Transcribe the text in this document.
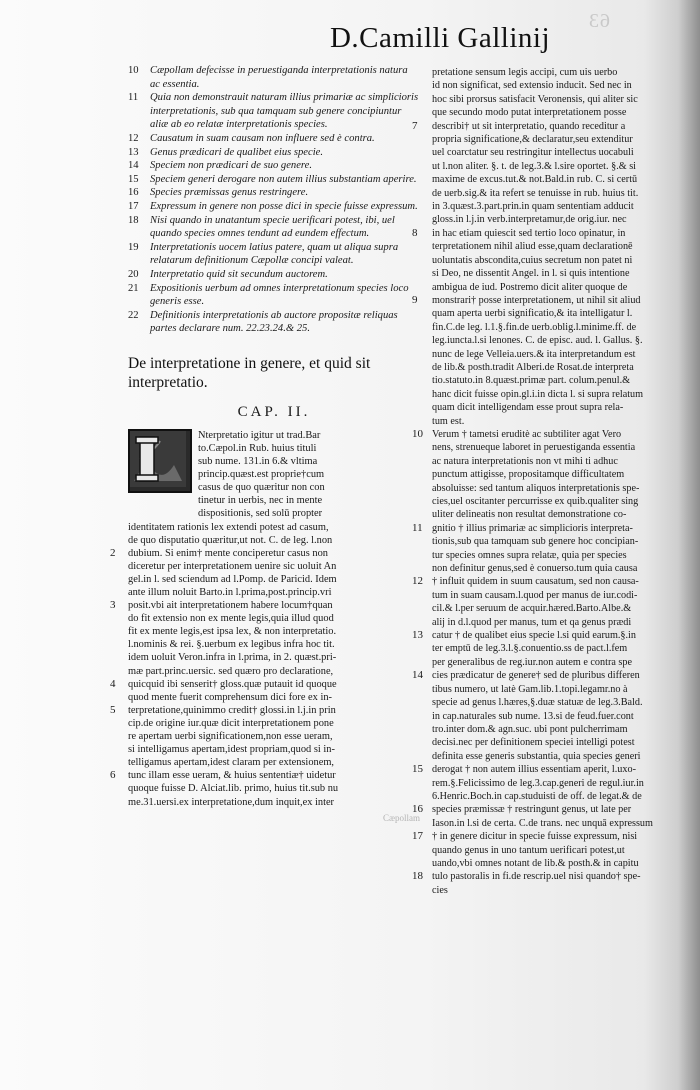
63
D.Camilli Gallinij
10	Cæpollam defecisse in peruestiganda interpretationis natura ac essentia.
11	Quia non demonstrauit naturam illius primariæ ac simplicioris interpretationis, sub qua tamquam sub genere concipiuntur aliæ ab eo relatæ interpretationis species.
12	Causatum in suam causam non influere sed è contra.
13	Genus prædicari de qualibet eius specie.
14	Speciem non prædicari de suo genere.
15	Speciem generi derogare non autem illius substantiam aperire.
16	Species præmissas genus restringere.
17	Expressum in genere non posse dici in specie fuisse expressum.
18	Nisi quando in unatantum specie uerificari potest, ibi, uel quando species omnes tendunt ad eundem effectum.
19	Interpretationis uocem latius patere, quam ut aliqua supra relatarum definitionum Cæpollæ concipi valeat.
20	Interpretatio quid sit secundum auctorem.
21	Expositionis uerbum ad omnes interpretationum species loco generis esse.
22	Definitionis interpretationis ab auctore propositæ reliquas partes declarare num. 22.23.24.& 25.
De interpretatione in genere, et quid sit interpretatio.
CAP. II.

Nterpretatio igitur ut trad.Bar

to.Cæpol.in Rub. huius tituli

sub nume. 131.in 6.& vltima

princip.quæst.est proprie†cum

casus de quo quæritur non con

tinetur in uerbis, nec in mente

dispositionis, sed solū propter

identitatem rationis lex extendi potest ad casum,

de quo disputatio quæritur,ut not. C. de leg. l.non

2 dubium. Si enim† mente conciperetur casus non

diceretur per interpretationem uenire sic uoluit An

gel.in l. sed sciendum ad l.Pomp. de Paricid. Idem

ante illum noluit Barto.in l.prima,post.princip.vri

3 posit.vbi ait interpretationem habere locum†quan

do fit extensio non ex mente legis,quia illud quod

fit ex mente legis,est ipsa lex, & non interpretatio.

l.nominis & rei. §.uerbum ex legibus infra hoc tit.

idem uoluit Veron.infra in l.prima, in 2. quæst.pri-

mæ part.princ.uersic. sed quæro pro declaratione,

4 quicquid ibi senserit† gloss.quæ putauit id quoque

quod mente fuerit comprehensum dici fore ex in-

5 terpretatione,quinimmo credit† glossi.in l.j.in prin

cip.de origine iur.quæ dicit interpretationem pone

re apertam uerbi significationem,non esse ueram,

si intelligamus apertam,idest propriam,quod si in-

telligamus apertam,idest claram per extensionem,

6 tunc illam esse ueram, & huius sententiæ† uidetur

quoque fuisse D. Alciat.lib. primo, huius tit.sub nu

me.31.uersi.ex interpretatione,dum inquit,ex inter

Cæpollam
pretatione sensum legis accipi, cum uis uerbo
id non significat, sed extensio inducit. Sed nec in
hoc sibi prorsus satisfacit Veronensis, qui aliter sic
que secundo modo putat interpretationem posse
7 describi† ut sit interpretatio, quando receditur a
propria significatione,& declaratur,seu extenditur
uel coarctatur seu restringitur intellectus uocabuli
ut l.non aliter. §. t. de leg.3.& l.sire oportet. §.& si
maxime de excus.tut.& not.Bald.in rub. C. si certū
de uerb.sig.& ita refert se tenuisse in rub. huius tit.
in 3.quæst.3.part.prin.in quam sententiam adducit
gloss.in l.j.in verb.interpretamur,de orig.iur. nec
8 in hac etiam quiescit sed tertio loco opinatur, in
terpretationem nihil aliud esse,quam declarationē
uoluntatis abscondita,cuius secretum non patet ni
si Deo, ne dissentit Angel. in l. si quis intentione
ambigua de iud. Postremo dicit aliter quoque de
9 monstrari† posse interpretationem, ut nihil sit aliud
quam aperta uerbi significatio,& ita intelligatur l.
fin.C.de leg. l.1.§.fin.de uerb.oblig.l.minime.ff. de
leg.iuncta.l.si lenones. C. de episc. aud. l. Gallus. §.
nunc de lege Velleia.uers.& ita interpretandum est
de lib.& posth.tradit Alberi.de Rosat.de interpreta
tio.statuto.in 8.quæst.primæ part. colum.penul.&
hanc dicit fuisse opin.gl.i.in dicta l. si supra relatum
quam dicit intelligendam esse prout supra rela-
tum est.
10 Verum † tametsi eruditè ac subtiliter agat Vero
nens, strenueque laboret in peruestiganda essentia
ac natura interpretationis non vt mihi ti adhuc
punctum attigisse, propositamque difficultatem
absoluisse: sed tantum aliquos interpretationis spe-
cies,uel oscitanter percurrisse ex quib.qualiter sing
uliter delineatis non resultat demonstratione co-
11 gnitio † illius primariæ ac simplicioris interpreta-
tionis,sub qua tamquam sub genere hoc concipian-
tur species omnes supra relatæ, quia per species
non definitur genus,sed è conuerso.tum quia causa
12 † influit quidem in suum causatum, sed non causa-
tum in suam causam.l.quod per manus de iur.codi-
cil.& l.per seruum de acquir.hæred.Barto.Albe.&
alij in d.l.quod per manus, tum et qa genus prædi
13 catur † de qualibet eius specie l.si quid earum.§.in
ter emptū de leg.3.l.§.conuentio.ss de pact.l.fem
per generalibus de reg.iur.non autem e contra spe
14 cies prædicatur de genere† sed de pluribus differen
tibus numero, ut latè Gam.lib.1.topi.legamr.no à
specie ad genus l.hæres,§.duæ statuæ de leg.3.Bald.
in cap.naturales sub nume. 13.si de feud.fuer.cont
tro.inter dom.& agn.suc. ubi pont pulcherrimam
decisi.nec per definitionem speciei intelligi potest
definita esse generis substantia, quia species generi
15 derogat † non autem illius essentiam aperit, l.uxo-
rem.§.Felicissimo de leg.3.cap.generi de regul.iur.in
6.Henric.Boch.in cap.studuisti de off. de legat.& de
16 species præmissæ † restringunt genus, ut late per
Iason.in l.si de certa. C.de trans. nec unquā expressum
17 † in genere dicitur in specie fuisse expressum, nisi
quando genus in uno tantum uerificari potest,ut
uando,vbi omnes notant de lib.& posth.& in capitu
18 tulo pastoralis in fi.de rescrip.uel nisi quando† spe-
cies
